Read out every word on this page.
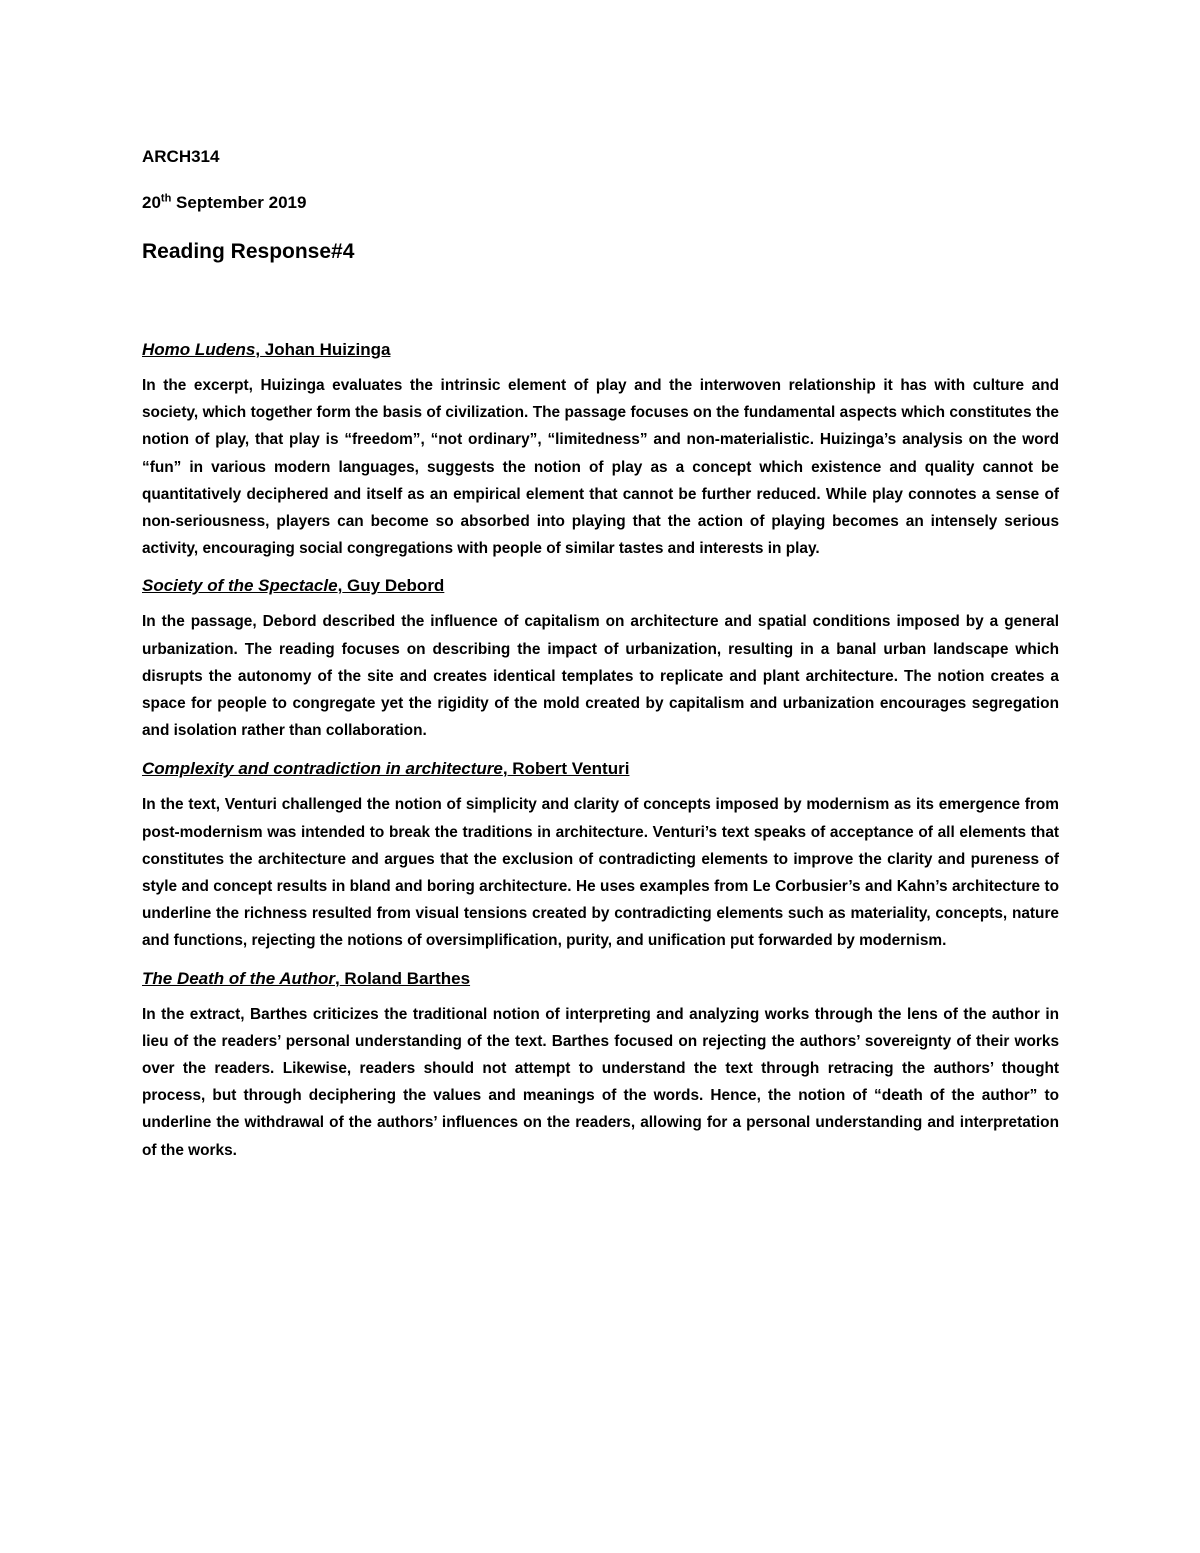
ARCH314

20th September 2019

Reading Response#4

Homo Ludens, Johan Huizinga

In the excerpt, Huizinga evaluates the intrinsic element of play and the interwoven relationship it has with culture and society, which together form the basis of civilization. The passage focuses on the fundamental aspects which constitutes the notion of play, that play is “freedom”, “not ordinary”, “limitedness” and non-materialistic. Huizinga’s analysis on the word “fun” in various modern languages, suggests the notion of play as a concept which existence and quality cannot be quantitatively deciphered and itself as an empirical element that cannot be further reduced. While play connotes a sense of non-seriousness, players can become so absorbed into playing that the action of playing becomes an intensely serious activity, encouraging social congregations with people of similar tastes and interests in play.

Society of the Spectacle, Guy Debord

In the passage, Debord described the influence of capitalism on architecture and spatial conditions imposed by a general urbanization. The reading focuses on describing the impact of urbanization, resulting in a banal urban landscape which disrupts the autonomy of the site and creates identical templates to replicate and plant architecture. The notion creates a space for people to congregate yet the rigidity of the mold created by capitalism and urbanization encourages segregation and isolation rather than collaboration.

Complexity and contradiction in architecture, Robert Venturi

In the text, Venturi challenged the notion of simplicity and clarity of concepts imposed by modernism as its emergence from post-modernism was intended to break the traditions in architecture. Venturi’s text speaks of acceptance of all elements that constitutes the architecture and argues that the exclusion of contradicting elements to improve the clarity and pureness of style and concept results in bland and boring architecture. He uses examples from Le Corbusier’s and Kahn’s architecture to underline the richness resulted from visual tensions created by contradicting elements such as materiality, concepts, nature and functions, rejecting the notions of oversimplification, purity, and unification put forwarded by modernism.

The Death of the Author, Roland Barthes

In the extract, Barthes criticizes the traditional notion of interpreting and analyzing works through the lens of the author in lieu of the readers’ personal understanding of the text. Barthes focused on rejecting the authors’ sovereignty of their works over the readers. Likewise, readers should not attempt to understand the text through retracing the authors’ thought process, but through deciphering the values and meanings of the words. Hence, the notion of “death of the author” to underline the withdrawal of the authors’ influences on the readers, allowing for a personal understanding and interpretation of the works.
